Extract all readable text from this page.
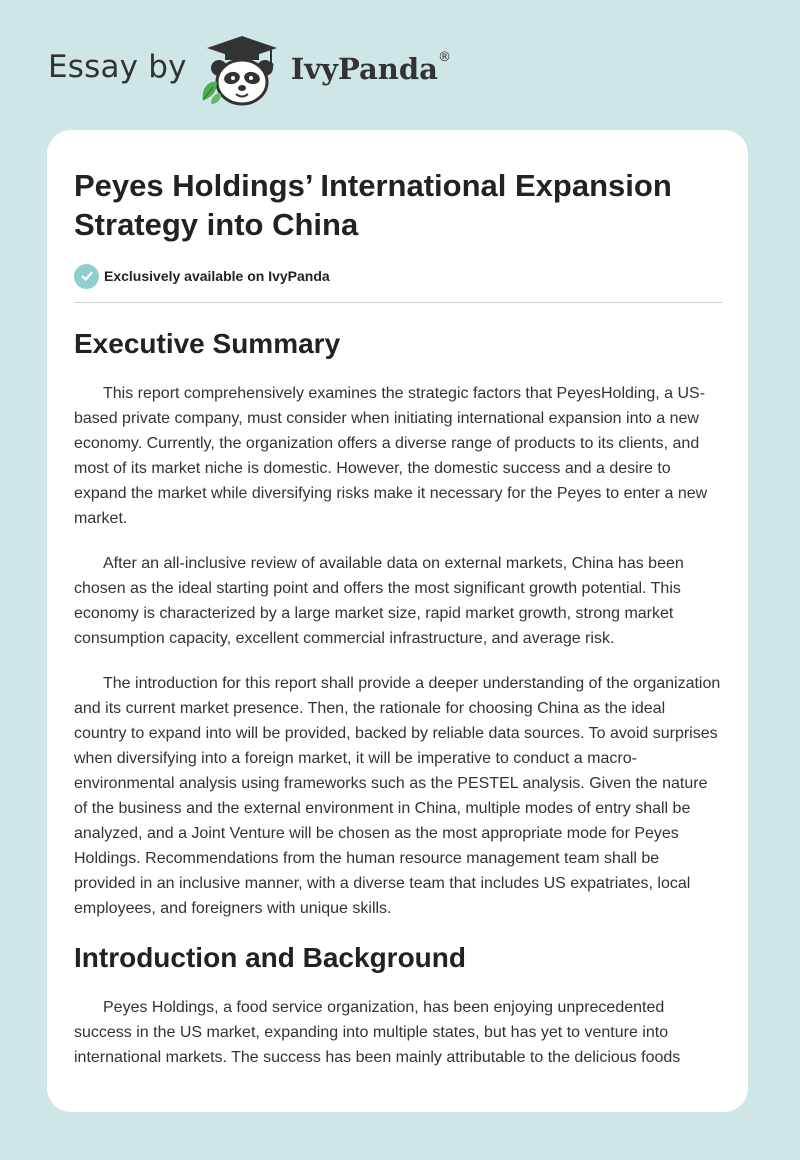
Essay by	IvyPanda®
Peyes Holdings’ International Expansion Strategy into China
Exclusively available on IvyPanda
Executive Summary

This report comprehensively examines the strategic factors that PeyesHolding, a US-based private company, must consider when initiating international expansion into a new economy. Currently, the organization offers a diverse range of products to its clients, and most of its market niche is domestic. However, the domestic success and a desire to expand the market while diversifying risks make it necessary for the Peyes to enter a new market.

After an all-inclusive review of available data on external markets, China has been chosen as the ideal starting point and offers the most significant growth potential. This economy is characterized by a large market size, rapid market growth, strong market consumption capacity, excellent commercial infrastructure, and average risk.

The introduction for this report shall provide a deeper understanding of the organization and its current market presence. Then, the rationale for choosing China as the ideal country to expand into will be provided, backed by reliable data sources. To avoid surprises when diversifying into a foreign market, it will be imperative to conduct a macro-environmental analysis using frameworks such as the PESTEL analysis. Given the nature of the business and the external environment in China, multiple modes of entry shall be analyzed, and a Joint Venture will be chosen as the most appropriate mode for Peyes Holdings. Recommendations from the human resource management team shall be provided in an inclusive manner, with a diverse team that includes US expatriates, local employees, and foreigners with unique skills.

Introduction and Background

Peyes Holdings, a food service organization, has been enjoying unprecedented success in the US market, expanding into multiple states, but has yet to venture into international markets. The success has been mainly attributable to the delicious foods
